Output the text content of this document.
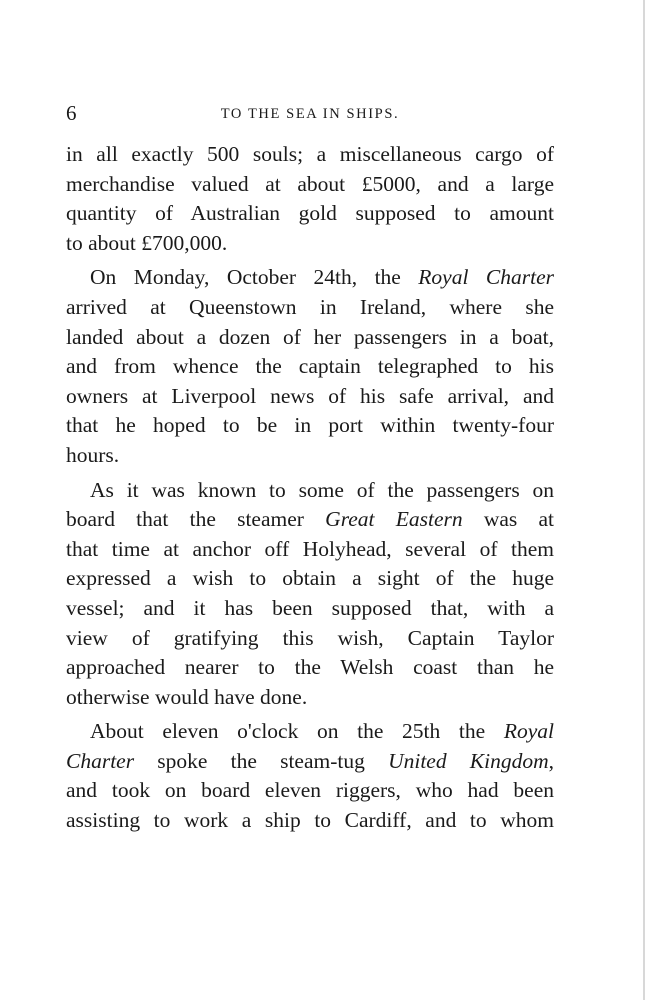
6	TO THE SEA IN SHIPS.
in all exactly 500 souls; a miscellaneous cargo of
merchandise valued at about £5000, and a large
quantity of Australian gold supposed to amount
to about £700,000.
On Monday, October 24th, the Royal Charter
arrived at Queenstown in Ireland, where she
landed about a dozen of her passengers in a boat,
and from whence the captain telegraphed to his
owners at Liverpool news of his safe arrival, and
that he hoped to be in port within twenty-four
hours.
As it was known to some of the passengers on
board that the steamer Great Eastern was at
that time at anchor off Holyhead, several of them
expressed a wish to obtain a sight of the huge
vessel; and it has been supposed that, with a
view of gratifying this wish, Captain Taylor
approached nearer to the Welsh coast than he
otherwise would have done.
About eleven o'clock on the 25th the Royal
Charter spoke the steam-tug United Kingdom,
and took on board eleven riggers, who had been
assisting to work a ship to Cardiff, and to whom
